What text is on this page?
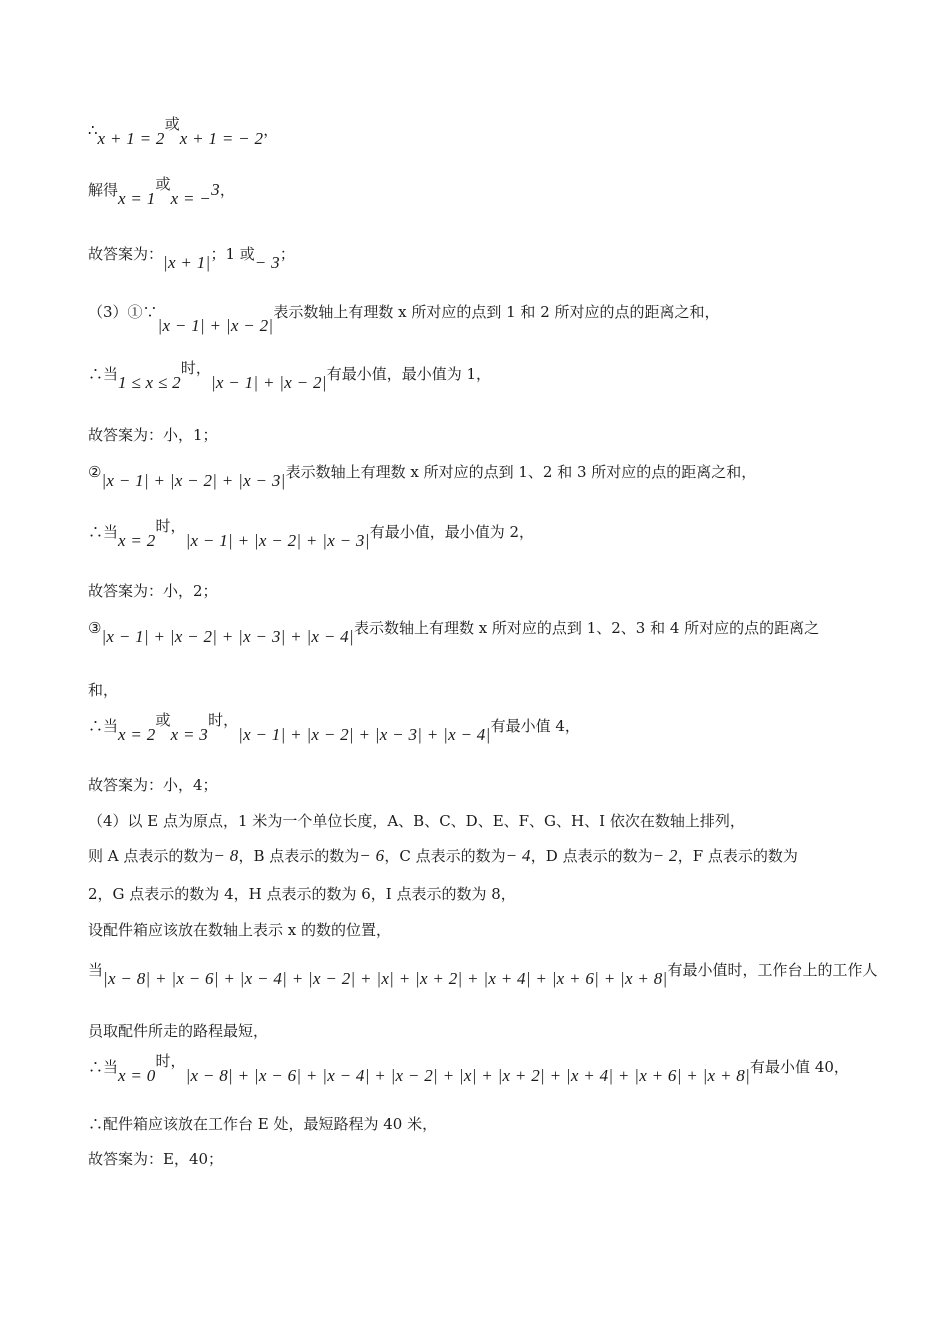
∴x + 1 = 2或x + 1 = − 2，
解得x = 1或x = −3，
故答案为：|x + 1|；1 或− 3；
（3）①∵|x − 1| + |x − 2|表示数轴上有理数 x 所对应的点到 1 和 2 所对应的点的距离之和，
∴当1 ≤ x ≤ 2时，|x − 1| + |x − 2|有最小值，最小值为 1，
故答案为：小，1；
②|x − 1| + |x − 2| + |x − 3|表示数轴上有理数 x 所对应的点到 1、2 和 3 所对应的点的距离之和，
∴当x = 2时，|x − 1| + |x − 2| + |x − 3|有最小值，最小值为 2，
故答案为：小，2；
③|x − 1| + |x − 2| + |x − 3| + |x − 4|表示数轴上有理数 x 所对应的点到 1、2、3 和 4 所对应的点的距离之
和，
∴当x = 2或x = 3时，|x − 1| + |x − 2| + |x − 3| + |x − 4|有最小值 4，
故答案为：小，4；
（4）以 E 点为原点，1 米为一个单位长度，A、B、C、D、E、F、G、H、I 依次在数轴上排列，
则 A 点表示的数为− 8，B 点表示的数为− 6，C 点表示的数为− 4，D 点表示的数为− 2，F 点表示的数为
2，G 点表示的数为 4，H 点表示的数为 6，I 点表示的数为 8，
设配件箱应该放在数轴上表示 x 的数的位置，
当|x − 8| + |x − 6| + |x − 4| + |x − 2| + |x| + |x + 2| + |x + 4| + |x + 6| + |x + 8|有最小值时，工作台上的工作人
员取配件所走的路程最短，
∴当x = 0时，|x − 8| + |x − 6| + |x − 4| + |x − 2| + |x| + |x + 2| + |x + 4| + |x + 6| + |x + 8|有最小值 40，
∴配件箱应该放在工作台 E 处，最短路程为 40 米，
故答案为：E，40；
